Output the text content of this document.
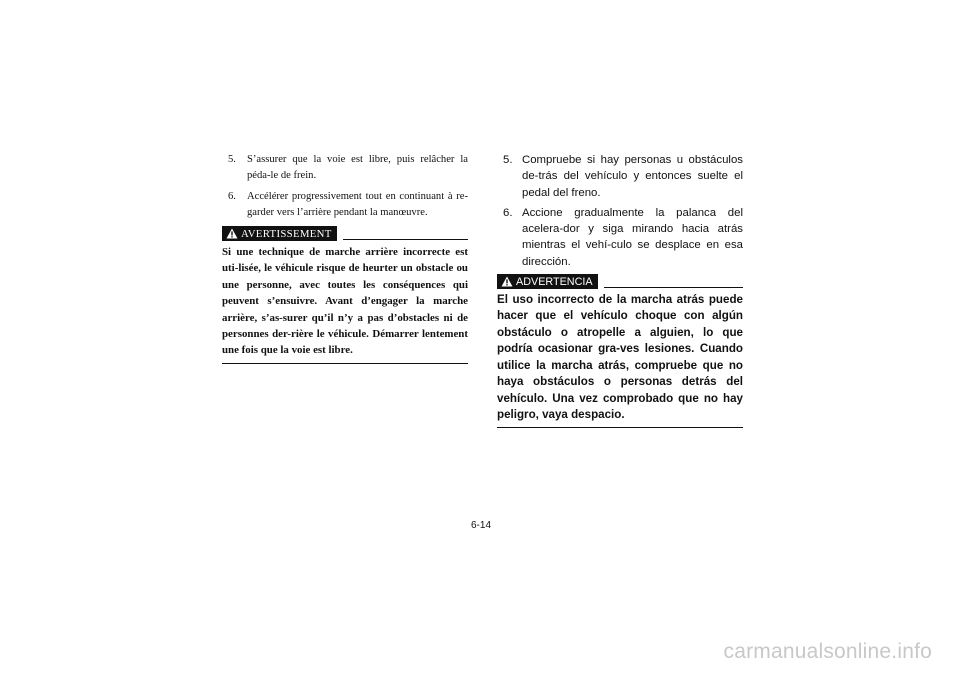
5. S’assurer que la voie est libre, puis relâcher la péda-le de frein.
6. Accélérer progressivement tout en continuant à re-garder vers l’arrière pendant la manœuvre.
AVERTISSEMENT

Si une technique de marche arrière incorrecte est uti-lisée, le véhicule risque de heurter un obstacle ou une personne, avec toutes les conséquences qui peuvent s’ensuivre. Avant d’engager la marche arrière, s’as-surer qu’il n’y a pas d’obstacles ni de personnes der-rière le véhicule. Démarrer lentement une fois que la voie est libre.

5. Compruebe si hay personas u obstáculos de-trás del vehículo y entonces suelte el pedal del freno.
6. Accione gradualmente la palanca del acelera-dor y siga mirando hacia atrás mientras el vehí-culo se desplace en esa dirección.
ADVERTENCIA

El uso incorrecto de la marcha atrás puede hacer que el vehículo choque con algún obstáculo o atropelle a alguien, lo que podría ocasionar gra-ves lesiones. Cuando utilice la marcha atrás, compruebe que no haya obstáculos o personas detrás del vehículo. Una vez comprobado que no hay peligro, vaya despacio.

6-14
carmanualsonline.info
